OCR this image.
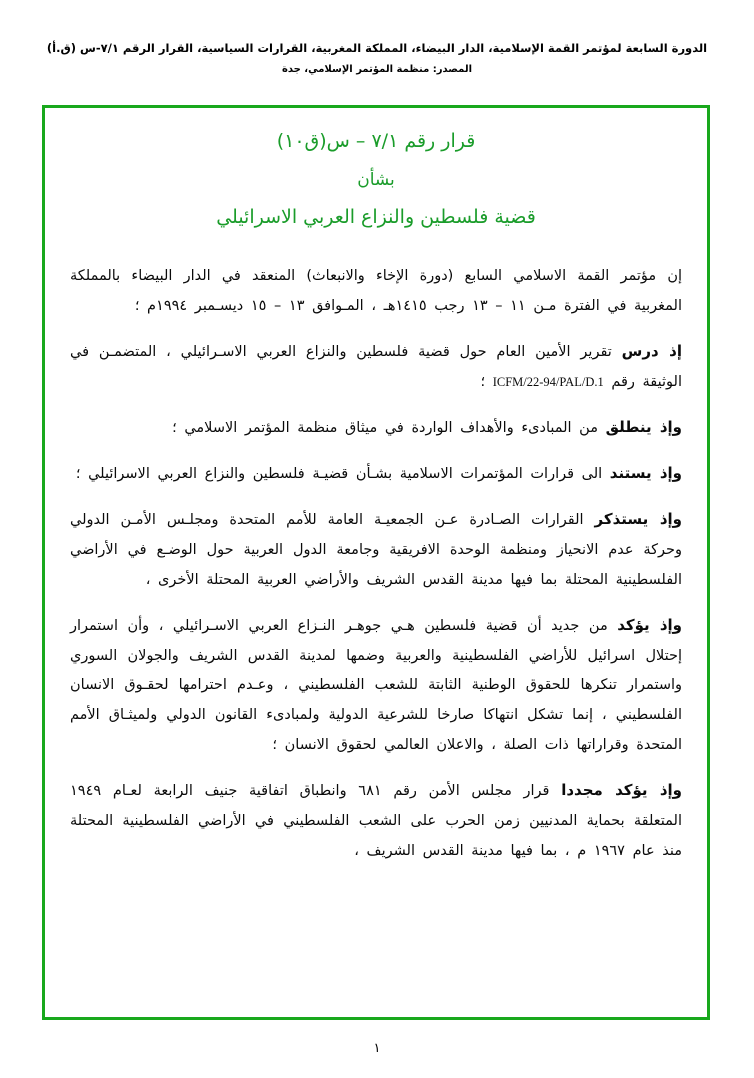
الدورة السابعة لمؤتمر القمة الإسلامية، الدار البيضاء، المملكة المغربية، القرارات السياسية، القرار الرقم ٧/١-س (ق.أ)
المصدر: منظمة المؤتمر الإسلامي، جدة
قرار رقم ٧/١ – س(ق١٠)
بشأن
قضية فلسطين والنزاع العربي الاسرائيلي

إن مؤتمر القمة الاسلامي السابع (دورة الإخاء والانبعاث) المنعقد في الدار البيضاء بالمملكة المغربية في الفترة مـن ١١ – ١٣ رجب ١٤١٥هـ ، المـوافق ١٣ – ١٥ ديسـمبر ١٩٩٤م ؛

إذ درس تقرير الأمين العام حول قضية فلسطين والنزاع العربي الاسـرائيلي ، المتضمـن في الوثيقة رقم ICFM/22-94/PAL/D.1 ؛

وإذ ينطلق من المبادىء والأهداف الواردة في ميثاق منظمة المؤتمر الاسلامي ؛

وإذ يستند الى قرارات المؤتمرات الاسلامية بشـأن قضيـة فلسطين والنزاع العربي الاسرائيلي ؛

وإذ يستذكر القرارات الصـادرة عـن الجمعيـة العامة للأمم المتحدة ومجلـس الأمـن الدولي وحركة عدم الانحياز ومنظمة الوحدة الافريقية وجامعة الدول العربية حول الوضـع في الأراضي الفلسطينية المحتلة بما فيها مدينة القدس الشريف والأراضي العربية المحتلة الأخرى ،

وإذ يؤكد من جديد أن قضية فلسطين هـي جوهـر النـزاع العربي الاسـرائيلي ، وأن استمرار إحتلال اسرائيل للأراضي الفلسطينية والعربية وضمها لمدينة القدس الشريف والجولان السوري واستمرار تنكرها للحقوق الوطنية الثابتة للشعب الفلسطيني ، وعـدم احترامها لحقـوق الانسان الفلسطيني ، إنما تشكل انتهاكا صارخا للشرعية الدولية ولمبادىء القانون الدولي ولميثـاق الأمم المتحدة وقراراتها ذات الصلة ، والاعلان العالمي لحقوق الانسان ؛

وإذ يؤكد مجددا قرار مجلس الأمن رقم ٦٨١ وانطباق اتفاقية جنيف الرابعة لعـام ١٩٤٩ المتعلقة بحماية المدنيين زمن الحرب على الشعب الفلسطيني في الأراضي الفلسطينية المحتلة منذ عام ١٩٦٧ م ، بما فيها مدينة القدس الشريف ،

١
